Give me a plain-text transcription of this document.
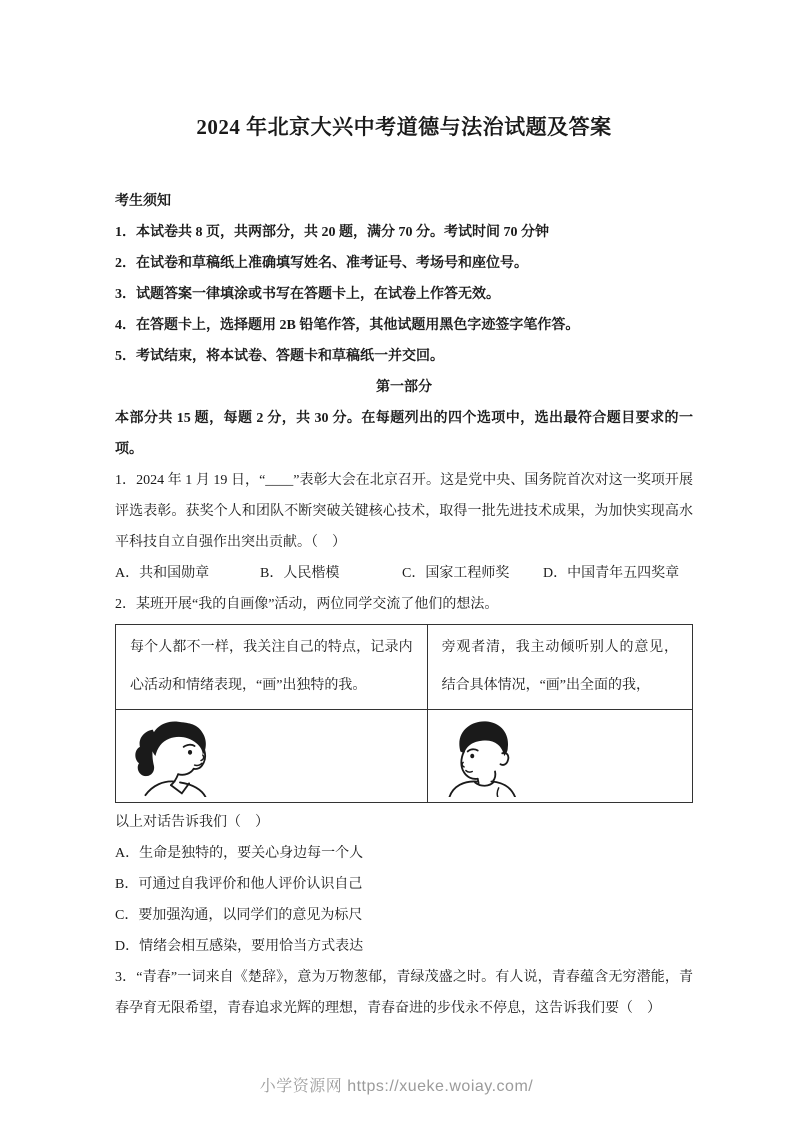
2024 年北京大兴中考道德与法治试题及答案

考生须知

1．本试卷共 8 页，共两部分，共 20 题，满分 70 分。考试时间 70 分钟

2．在试卷和草稿纸上准确填写姓名、准考证号、考场号和座位号。

3．试题答案一律填涂或书写在答题卡上，在试卷上作答无效。

4．在答题卡上，选择题用 2B 铅笔作答，其他试题用黑色字迹签字笔作答。

5．考试结束，将本试卷、答题卡和草稿纸一并交回。

第一部分

本部分共 15 题，每题 2 分，共 30 分。在每题列出的四个选项中，选出最符合题目要求的一项。

1．2024 年 1 月 19 日，“____”表彰大会在北京召开。这是党中央、国务院首次对这一奖项开展评选表彰。获奖个人和团队不断突破关键核心技术，取得一批先进技术成果，为加快实现高水平科技自立自强作出突出贡献。（　）

A．共和国勋章	B．人民楷模	C．国家工程师奖	D．中国青年五四奖章

2．某班开展“我的自画像”活动，两位同学交流了他们的想法。

每个人都不一样，我关注自己的特点，记录内心活动和情绪表现，“画”出独特的我。	旁观者清，我主动倾听别人的意见，结合具体情况，“画”出全面的我，

以上对话告诉我们（　）

A．生命是独特的，要关心身边每一个人

B．可通过自我评价和他人评价认识自己

C．要加强沟通，以同学们的意见为标尺

D．情绪会相互感染，要用恰当方式表达

3．“青春”一词来自《楚辞》，意为万物葱郁，青绿茂盛之时。有人说，青春蕴含无穷潜能，青春孕育无限希望，青春追求光辉的理想，青春奋进的步伐永不停息，这告诉我们要（　）

小学资源网 https://xueke.woiay.com/
